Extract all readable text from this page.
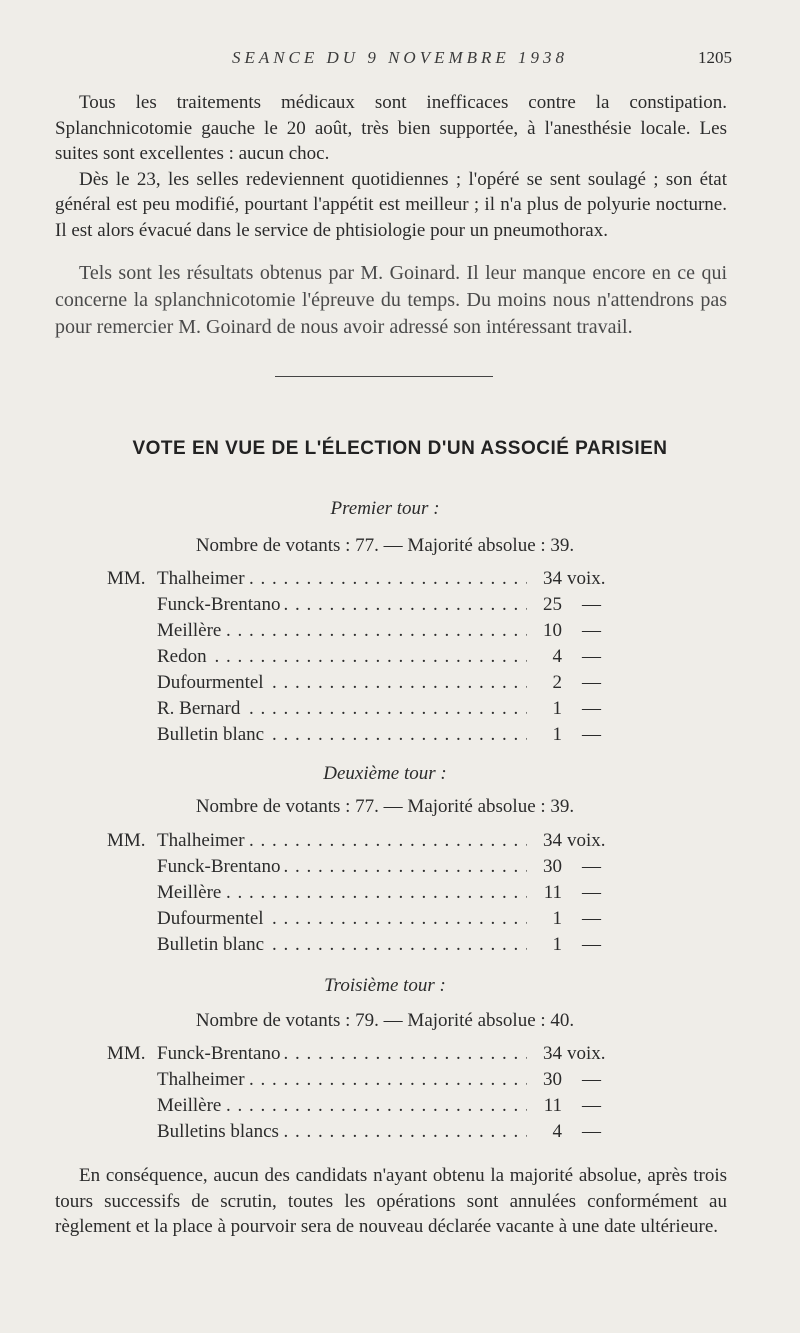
SEANCE DU 9 NOVEMBRE 1938	1205

Tous les traitements médicaux sont inefficaces contre la constipation. Splanchnicotomie gauche le 20 août, très bien supportée, à l'anesthésie locale. Les suites sont excellentes : aucun choc.

Dès le 23, les selles redeviennent quotidiennes ; l'opéré se sent soulagé ; son état général est peu modifié, pourtant l'appétit est meilleur ; il n'a plus de polyurie nocturne. Il est alors évacué dans le service de phtisiologie pour un pneumothorax.

Tels sont les résultats obtenus par M. Goinard. Il leur manque encore en ce qui concerne la splanchnicotomie l'épreuve du temps. Du moins nous n'attendrons pas pour remercier M. Goinard de nous avoir adressé son intéressant travail.

VOTE EN VUE DE L'ÉLECTION D'UN ASSOCIÉ PARISIEN
Premier tour :
Nombre de votants : 77. — Majorité absolue : 39.
MM. Thalheimer . . .	34 voix.
Funck-Brentano . . .	25 —
Meillère . . .	10 —
Redon . . .	4 —
Dufourmentel . . .	2 —
R. Bernard . . .	1 —
Bulletin blanc . . .	1 —
Deuxième tour :
Nombre de votants : 77. — Majorité absolue : 39.
MM. Thalheimer . . .	34 voix.
Funck-Brentano . . .	30 —
Meillère . . .	11 —
Dufourmentel . . .	1 —
Bulletin blanc . . .	1 —
Troisième tour :
Nombre de votants : 79. — Majorité absolue : 40.
MM. Funck-Brentano . . .	34 voix.
Thalheimer . . .	30 —
Meillère . . .	11 —
Bulletins blancs . . .	4 —

En conséquence, aucun des candidats n'ayant obtenu la majorité absolue, après trois tours successifs de scrutin, toutes les opérations sont annulées conformément au règlement et la place à pourvoir sera de nouveau déclarée vacante à une date ultérieure.
